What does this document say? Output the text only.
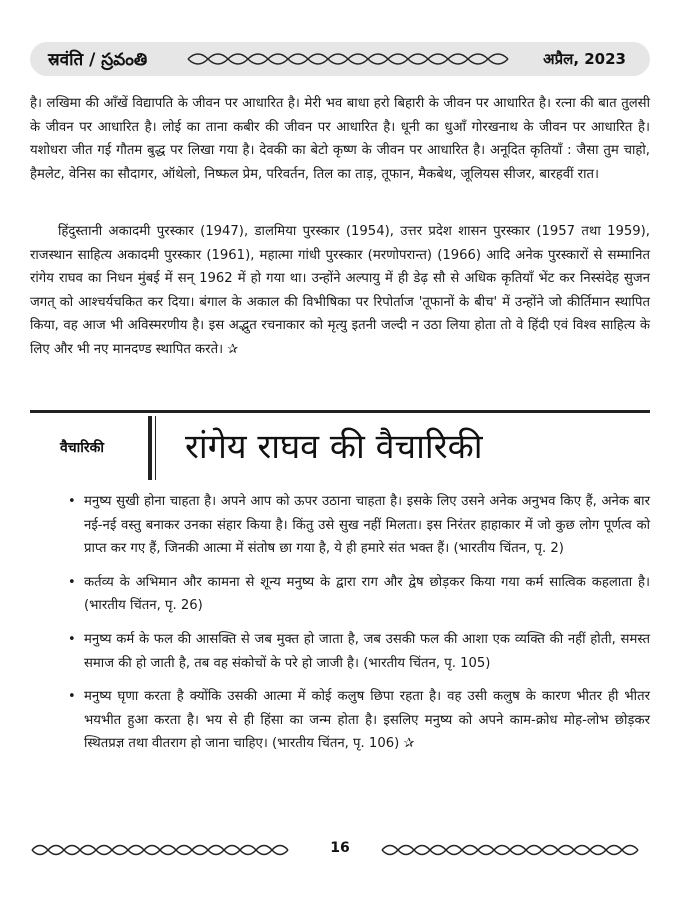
स्रवंति / స్రవంతి	अप्रैल, 2023

है। लखिमा की आँखें विद्यापति के जीवन पर आधारित है। मेरी भव बाधा हरो बिहारी के जीवन पर आधारित है। रत्ना की बात तुलसी के जीवन पर आधारित है। लोई का ताना कबीर की जीवन पर आधारित है। धूनी का धुआँ गोरखनाथ के जीवन पर आधारित है। यशोधरा जीत गई गौतम बुद्ध पर लिखा गया है। देवकी का बेटो कृष्ण के जीवन पर आधारित है। अनूदित कृतियाँ : जैसा तुम चाहो, हैमलेट, वेनिस का सौदागर, ऑथेलो, निष्फल प्रेम, परिवर्तन, तिल का ताड़, तूफान, मैकबेथ, जूलियस सीजर, बारहवीं रात।

हिंदुस्तानी अकादमी पुरस्कार (1947), डालमिया पुरस्कार (1954), उत्तर प्रदेश शासन पुरस्कार (1957 तथा 1959), राजस्थान साहित्य अकादमी पुरस्कार (1961), महात्मा गांधी पुरस्कार (मरणोपरान्त) (1966) आदि अनेक पुरस्कारों से सम्मानित रांगेय राघव का निधन मुंबई में सन् 1962 में हो गया था। उन्होंने अल्पायु में ही डेढ़ सौ से अधिक कृतियाँ भेंट कर निस्संदेह सुजन जगत् को आश्चर्यचकित कर दिया। बंगाल के अकाल की विभीषिका पर रिपोर्ताज 'तूफानों के बीच' में उन्होंने जो कीर्तिमान स्थापित किया, वह आज भी अविस्मरणीय है। इस अद्भुत रचनाकार को मृत्यु इतनी जल्दी न उठा लिया होता तो वे हिंदी एवं विश्व साहित्य के लिए और भी नए मानदण्ड स्थापित करते। ✰

वैचारिकी रांगेय राघव की वैचारिकी
• मनुष्य सुखी होना चाहता है। अपने आप को ऊपर उठाना चाहता है। इसके लिए उसने अनेक अनुभव किए हैं, अनेक बार नई-नई वस्तु बनाकर उनका संहार किया है। किंतु उसे सुख नहीं मिलता। इस निरंतर हाहाकार में जो कुछ लोग पूर्णत्व को प्राप्त कर गए हैं, जिनकी आत्मा में संतोष छा गया है, ये ही हमारे संत भक्त हैं। (भारतीय चिंतन, पृ. 2)
• कर्तव्य के अभिमान और कामना से शून्य मनुष्य के द्वारा राग और द्वेष छोड़कर किया गया कर्म सात्विक कहलाता है। (भारतीय चिंतन, पृ. 26)
• मनुष्य कर्म के फल की आसक्ति से जब मुक्त हो जाता है, जब उसकी फल की आशा एक व्यक्ति की नहीं होती, समस्त समाज की हो जाती है, तब वह संकोचों के परे हो जाजी है। (भारतीय चिंतन, पृ. 105)
• मनुष्य घृणा करता है क्योंकि उसकी आत्मा में कोई कलुष छिपा रहता है। वह उसी कलुष के कारण भीतर ही भीतर भयभीत हुआ करता है। भय से ही हिंसा का जन्म होता है। इसलिए मनुष्य को अपने काम-क्रोध मोह-लोभ छोड़कर स्थितप्रज्ञ तथा वीतराग हो जाना चाहिए। (भारतीय चिंतन, पृ. 106) ✰
16
